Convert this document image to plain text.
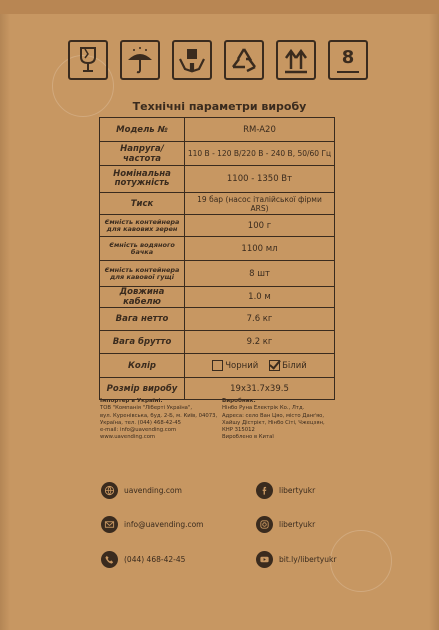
8
Технічні параметри виробу
Модель №	RM-A20
Напруга/частота	110 В - 120 В/220 В - 240 В, 50/60 Гц
Номінальна потужність	1100 - 1350 Вт
Тиск	19 бар (насос італійської фірми ARS)
Ємність контейнера для кавових зерен	100 г
Ємність водяного бачка	1100 мл
Ємність контейнера для кавової гущі	8 шт
Довжина кабелю	1.0 м
Вага нетто	7.6 кг
Вага брутто	9.2 кг
Колір	Чорний Білий
Розмір виробу	19x31.7x39.5
Імпортер в Україні:
ТОВ "Компанія "Ліберті Україна",
вул. Куренівська, буд. 2-Б, м. Київ, 04073,
Україна, тел. (044) 468-42-45
e-mail: info@uavending.com
www.uavending.com
Виробник:
Нінбо Руна Електрік Ко., Лтд.
Адреса: село Ван Цяо, місто Данґяо,
Хайшу Дістрікт, Нінбо Сіті, Чжецзян,
КНР 315012
Вироблено в Китаї
uavending.com
info@uavending.com
(044) 468-42-45
libertyukr
libertyukr
bit.ly/libertyukr
